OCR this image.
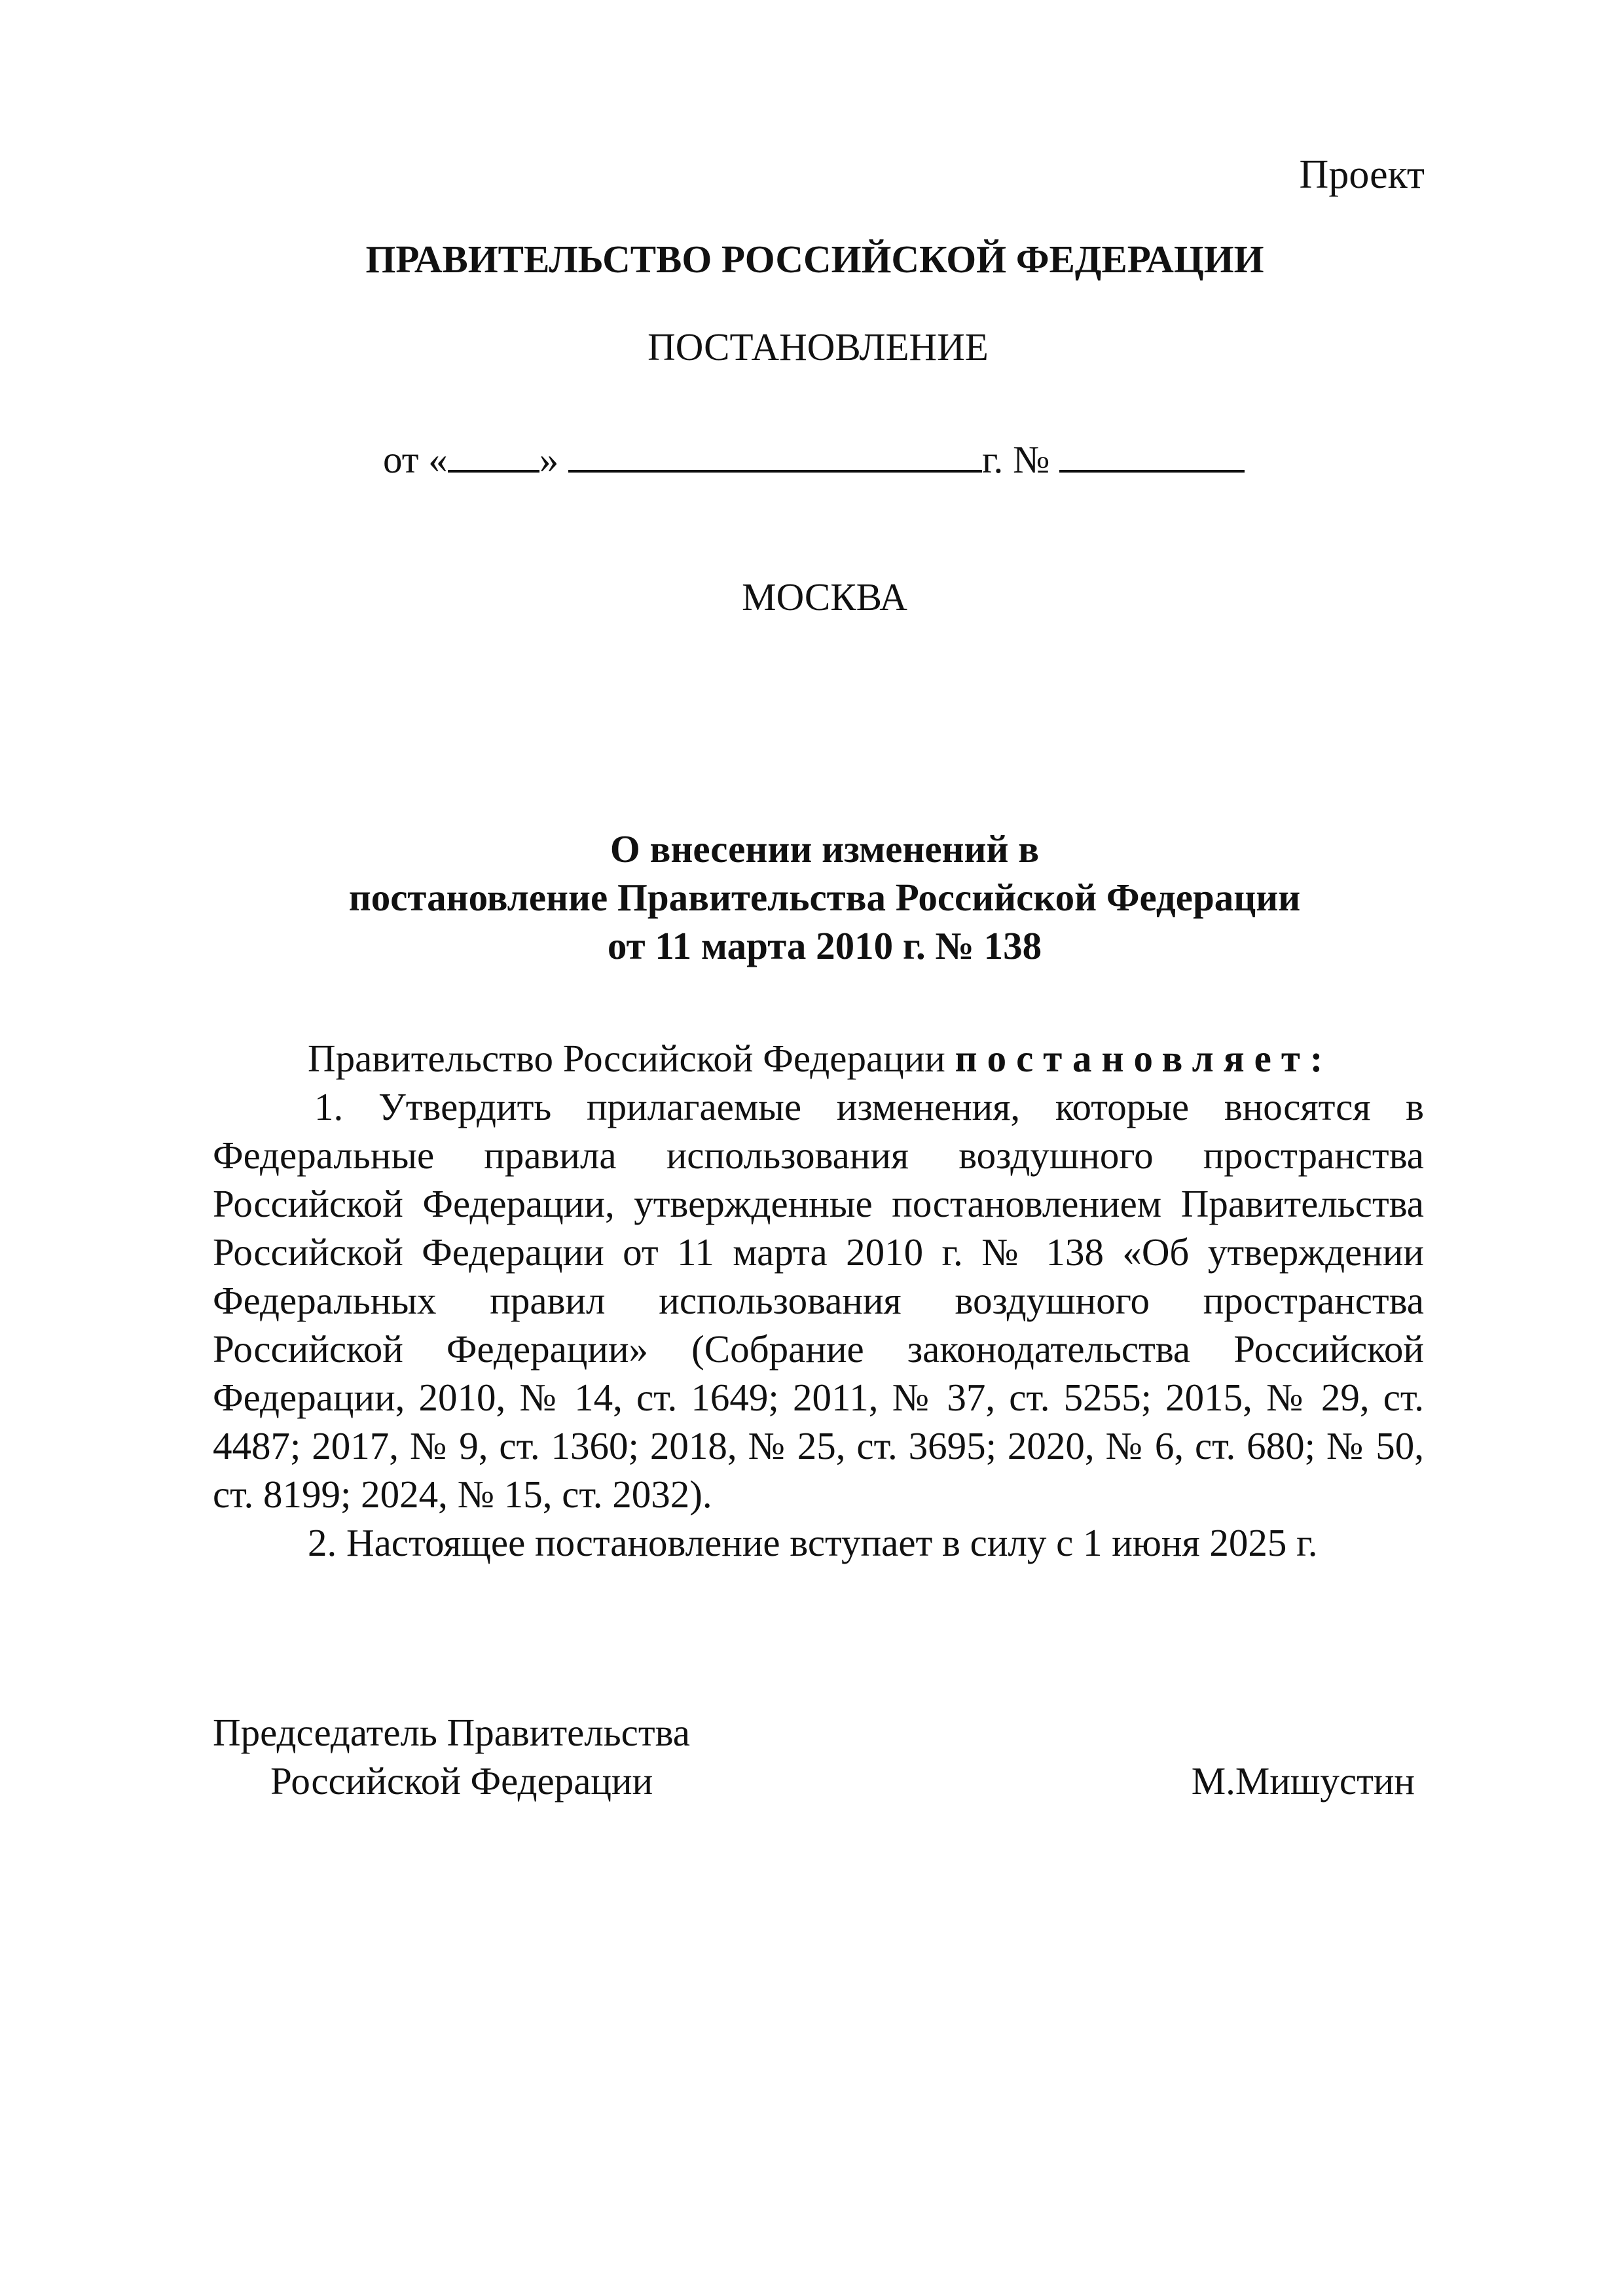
Проект
ПРАВИТЕЛЬСТВО РОССИЙСКОЙ ФЕДЕРАЦИИ
ПОСТАНОВЛЕНИЕ
от « »	г. №
МОСКВА
О внесении изменений в
постановление Правительства Российской Федерации
от 11 марта 2010 г. № 138

Правительство Российской Федерации постановляет:

1. Утвердить прилагаемые изменения, которые вносятся в Федеральные правила использования воздушного пространства Российской Федерации, утвержденные постановлением Правительства Российской Федерации от 11 марта 2010 г. № 138 «Об утверждении Федеральных правил использования воздушного пространства Российской Федерации» (Собрание законодательства Российской Федерации, 2010, № 14, ст. 1649; 2011, № 37, ст. 5255; 2015, № 29, ст. 4487; 2017, № 9, ст. 1360; 2018, № 25, ст. 3695; 2020, № 6, ст. 680; № 50, ст. 8199; 2024, № 15, ст. 2032).

2. Настоящее постановление вступает в силу с 1 июня 2025 г.

Председатель Правительства
Российской Федерации	М.Мишустин
